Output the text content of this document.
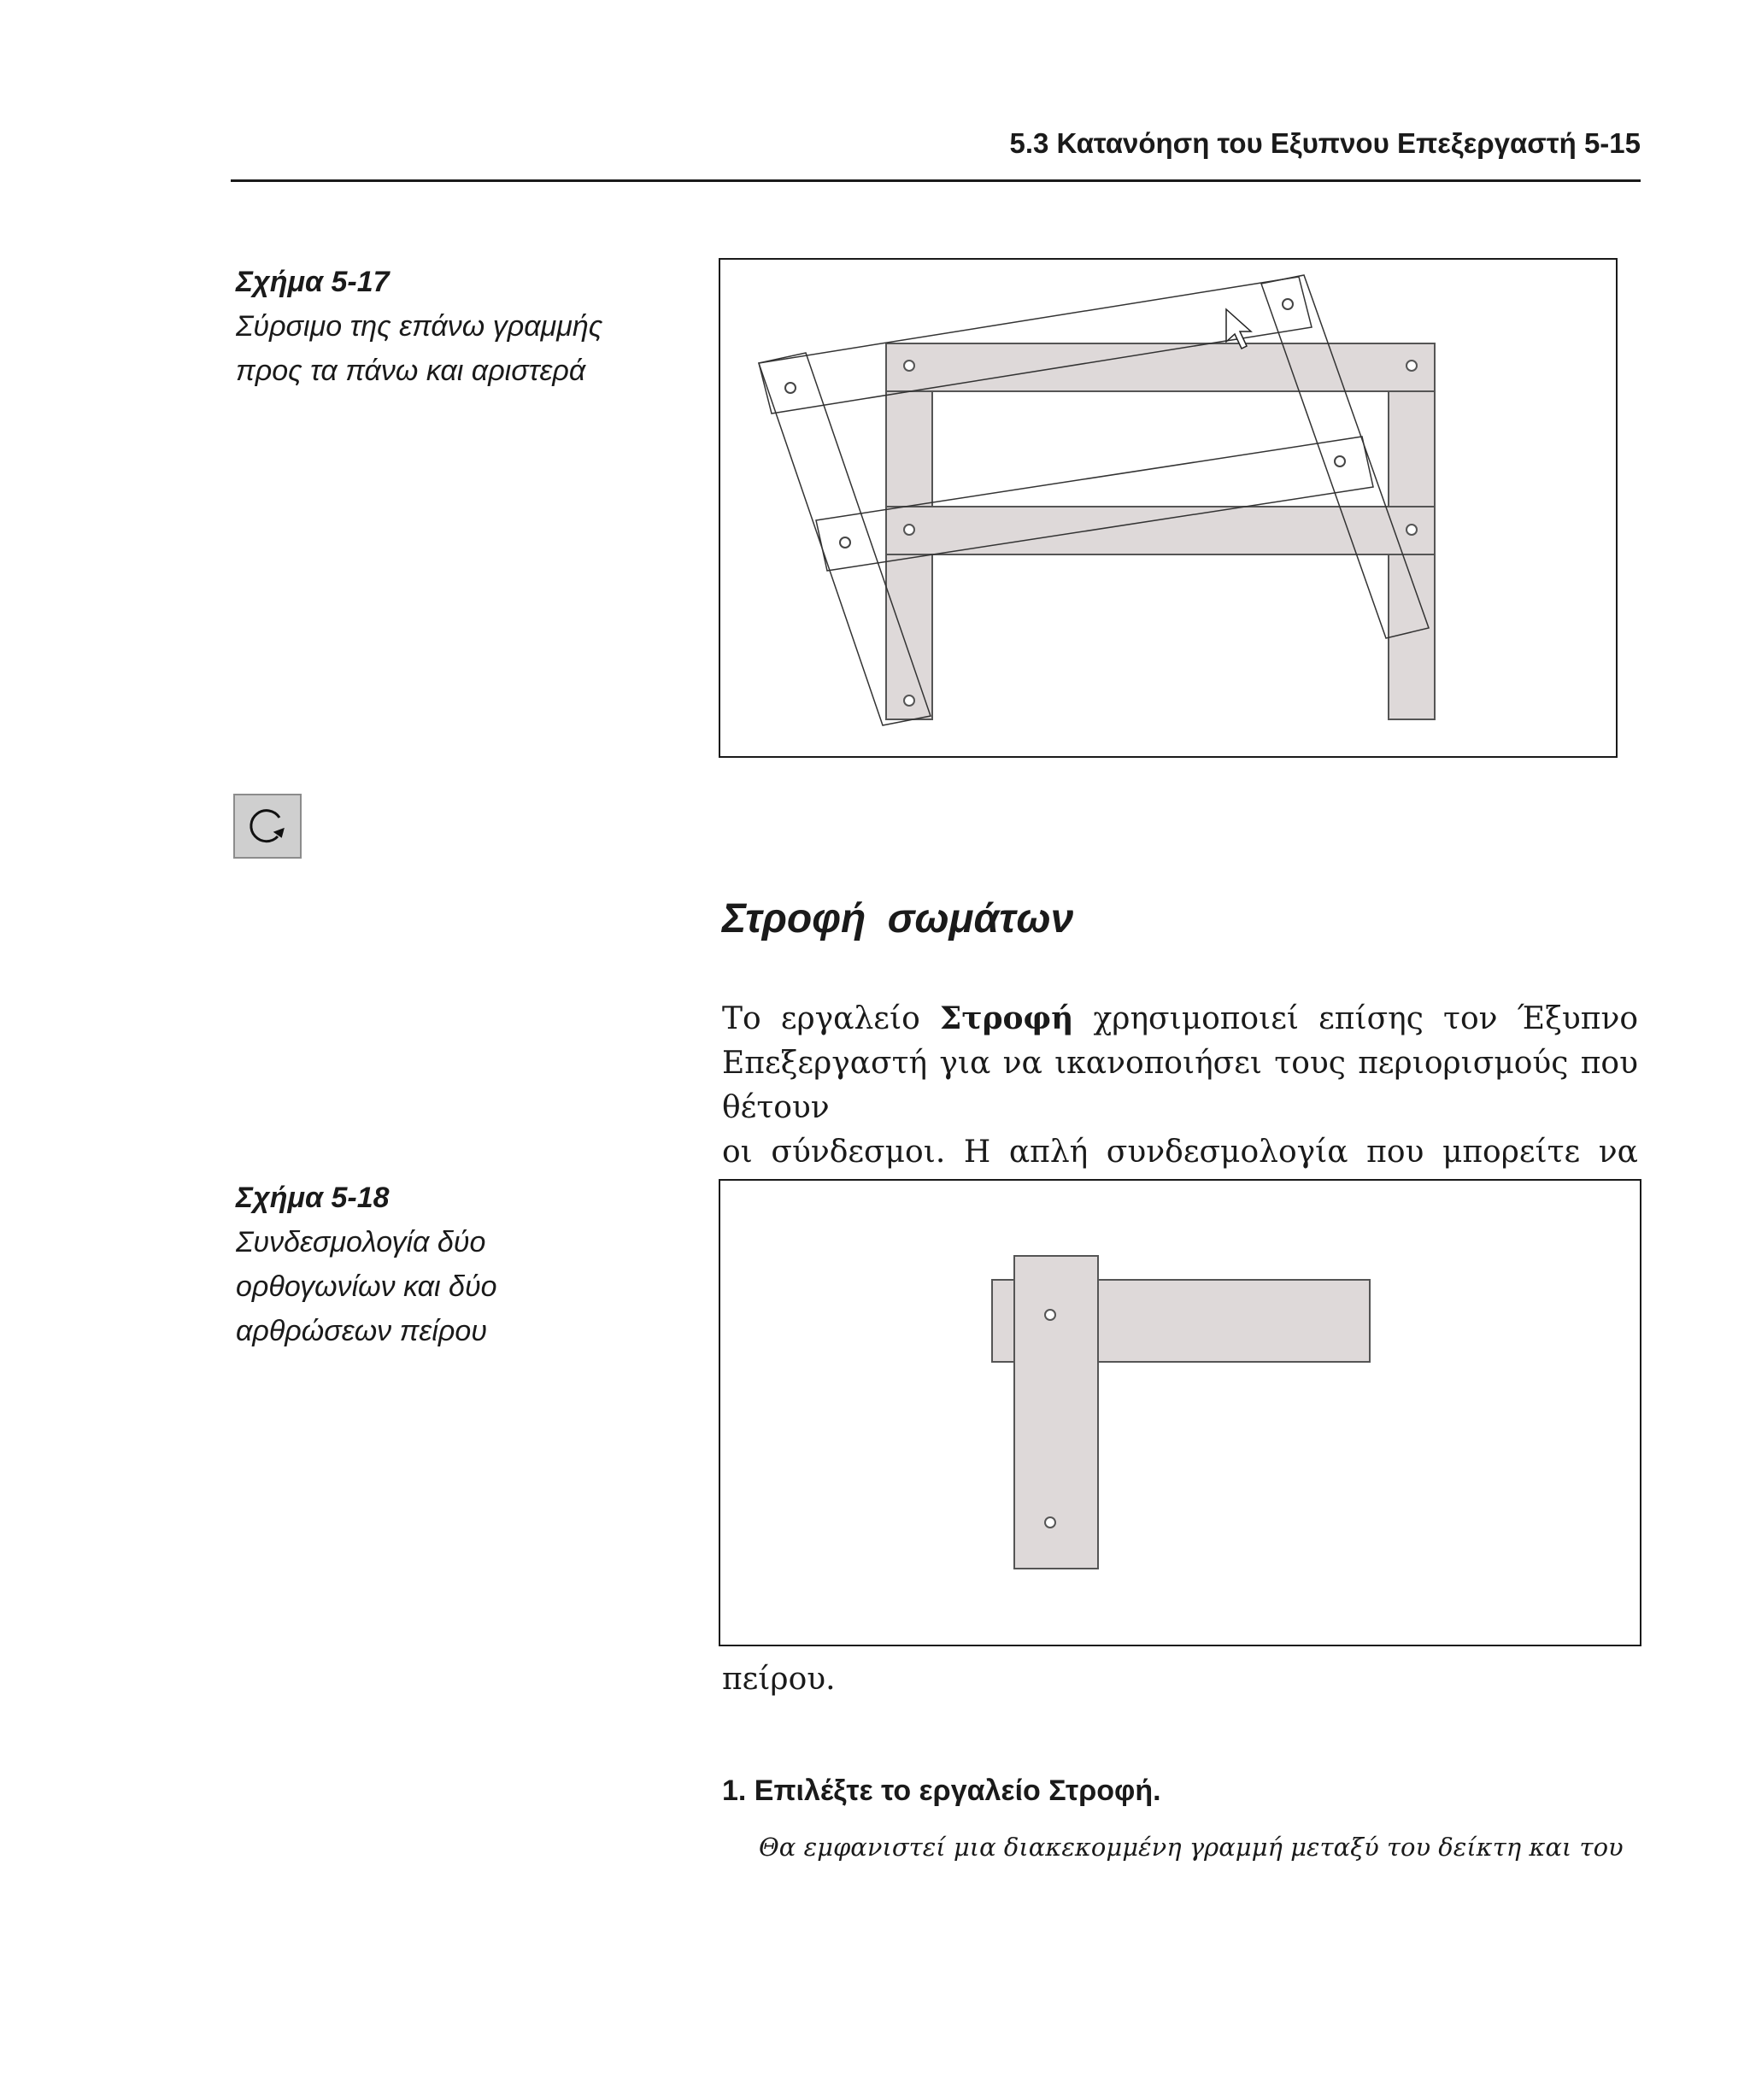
5.3 Κατανόηση του Εξυπνου Επεξεργαστή 5-15
Σχήμα 5-17
Σύρσιμο της επάνω γραμμής
προς τα πάνω και αριστερά
Στροφή σωμάτων
Το εργαλείο Στροφή χρησιμοποιεί επίσης τον Έξυπνο
Επεξεργαστή για να ικανοποιήσει τους περιορισμούς που θέτουν
οι σύνδεσμοι. Η απλή συνδεσμολογία που μπορείτε να
Σχήμα 5-18
Συνδεσμολογία δύο
ορθογωνίων και δύο
αρθρώσεων πείρου
πείρου.
1. Επιλέξτε το εργαλείο Στροφή.
Θα εμφανιστεί μια διακεκομμένη γραμμή μεταξύ του δείκτη και του
